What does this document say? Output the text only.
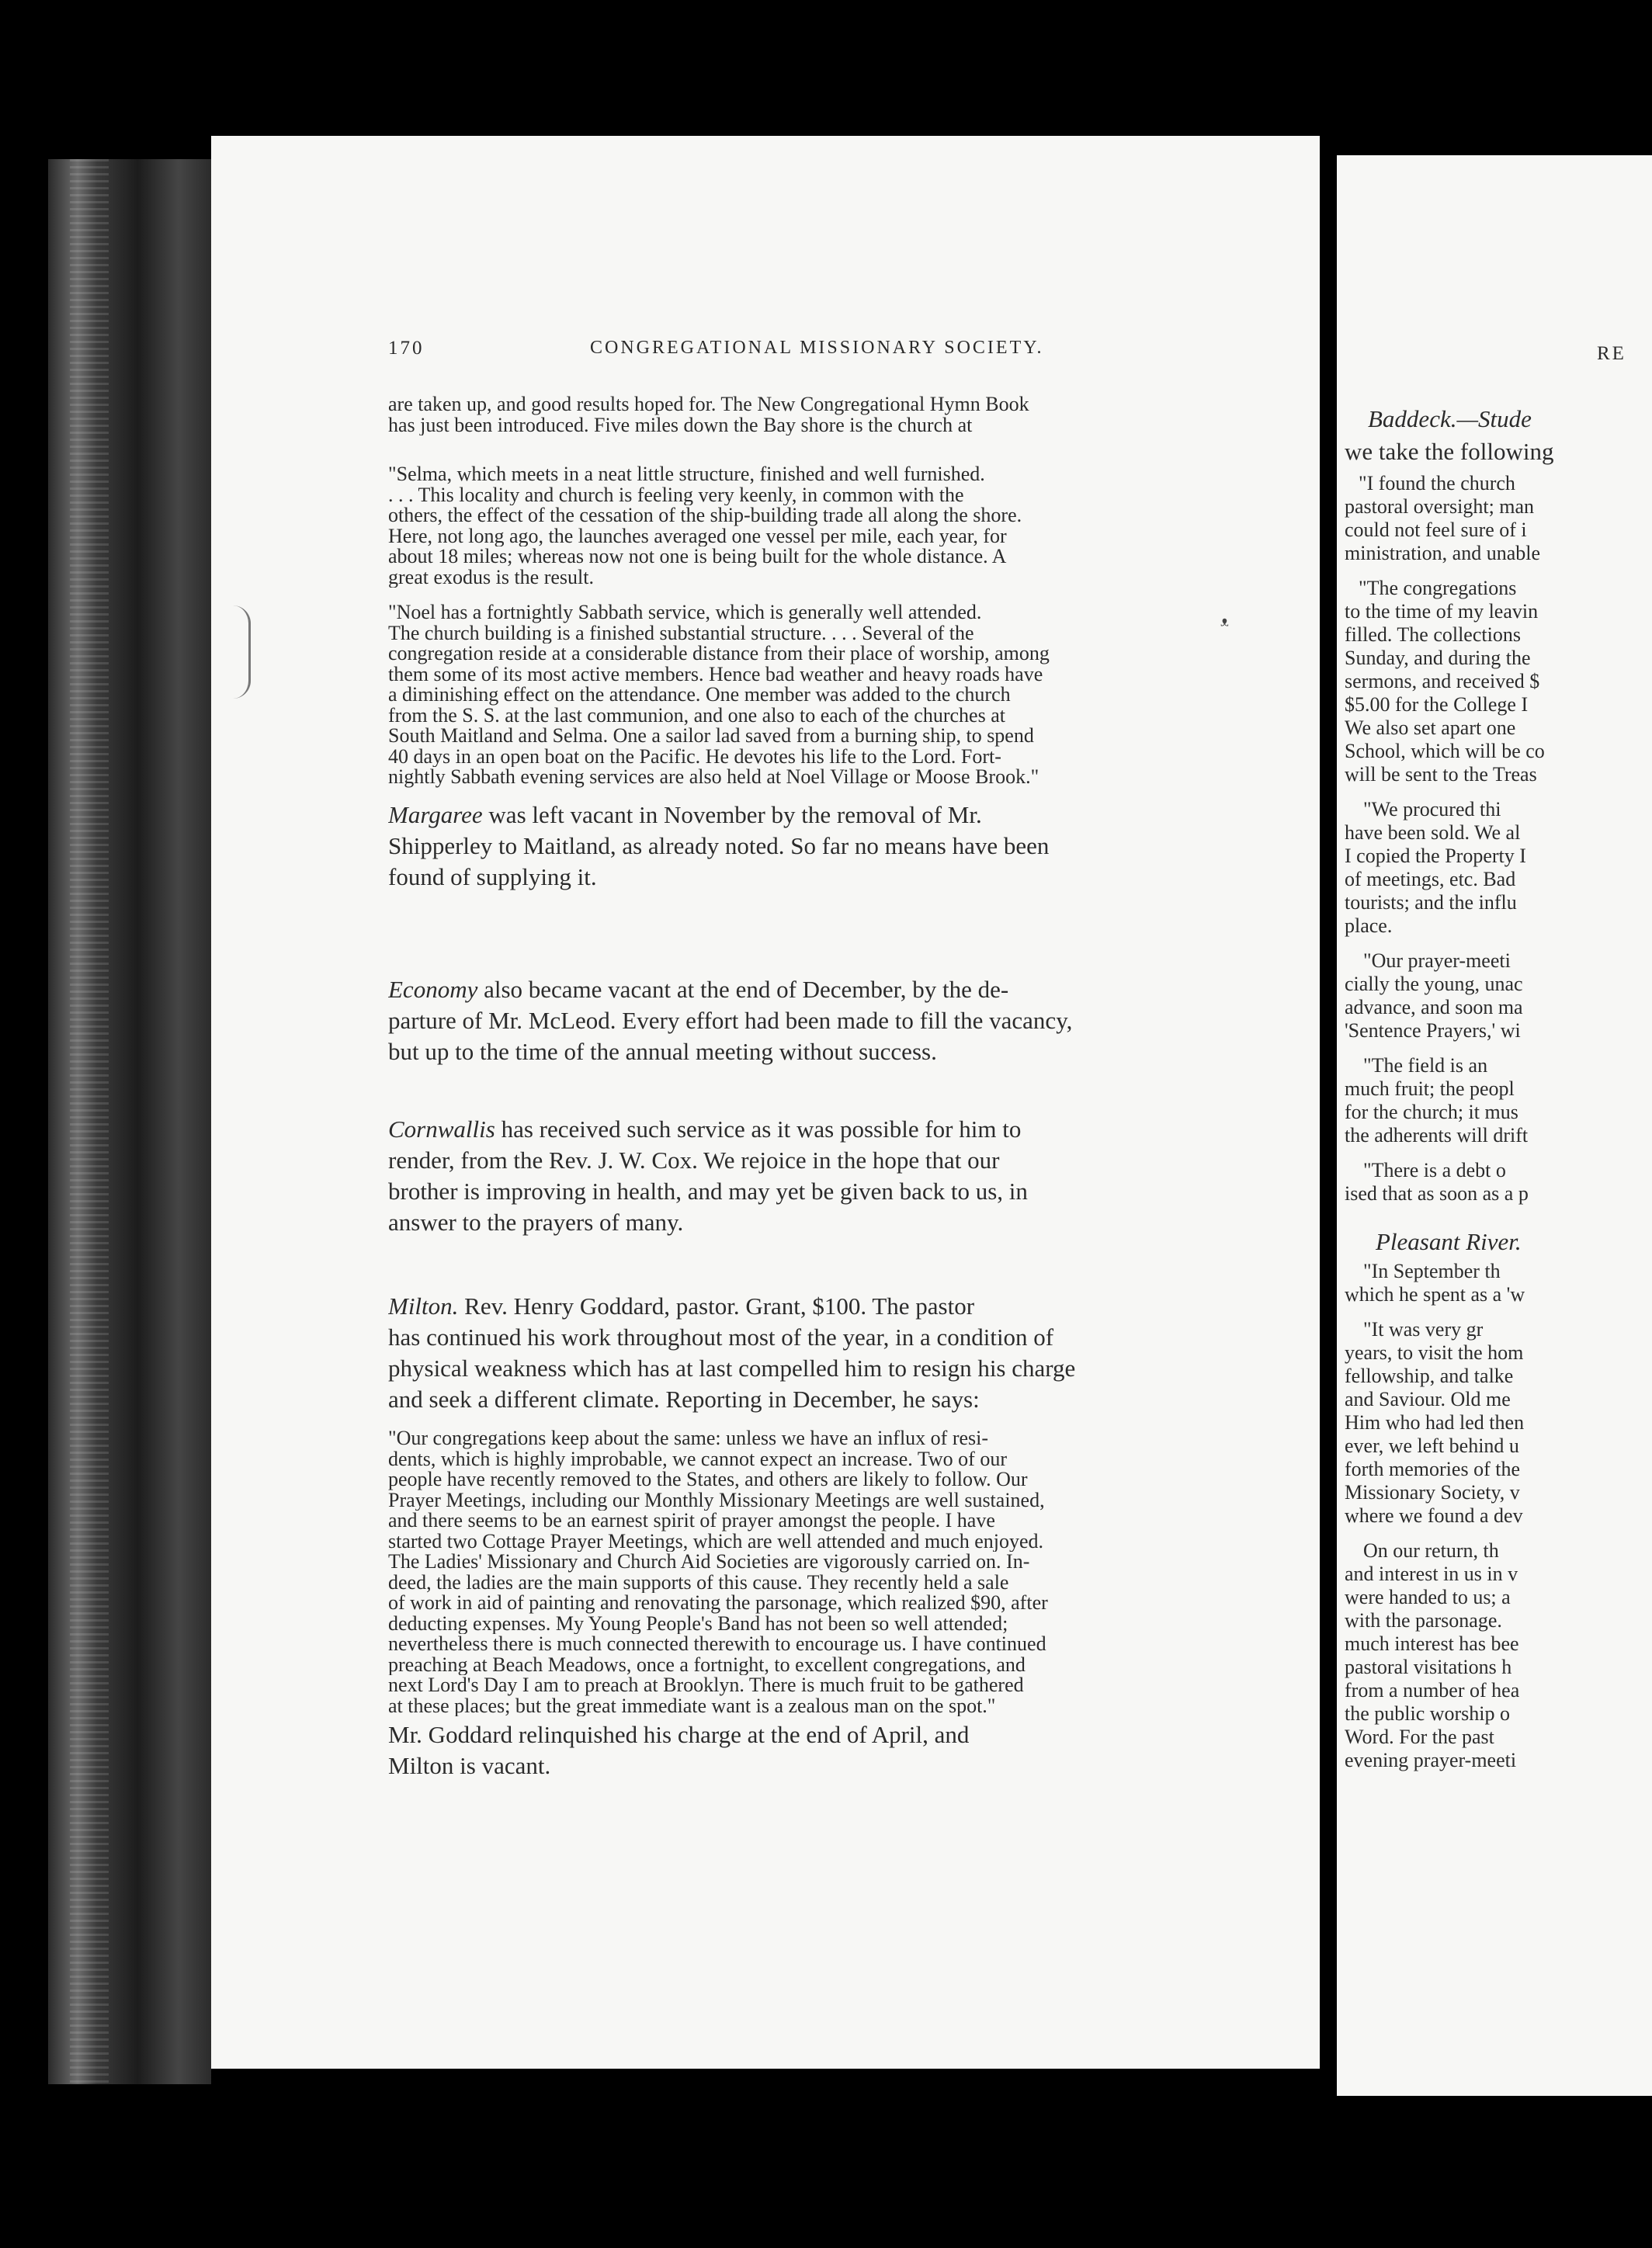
170	CONGREGATIONAL MISSIONARY SOCIETY.
are taken up, and good results hoped for. The New Congregational Hymn Book
has just been introduced. Five miles down the Bay shore is the church at
"Selma, which meets in a neat little structure, finished and well furnished.
. . . This locality and church is feeling very keenly, in common with the
others, the effect of the cessation of the ship-building trade all along the shore.
Here, not long ago, the launches averaged one vessel per mile, each year, for
about 18 miles; whereas now not one is being built for the whole distance. A
great exodus is the result.
"Noel has a fortnightly Sabbath service, which is generally well attended.
The church building is a finished substantial structure. . . . Several of the
congregation reside at a considerable distance from their place of worship, among
them some of its most active members. Hence bad weather and heavy roads have
a diminishing effect on the attendance. One member was added to the church
from the S. S. at the last communion, and one also to each of the churches at
South Maitland and Selma. One a sailor lad saved from a burning ship, to spend
40 days in an open boat on the Pacific. He devotes his life to the Lord. Fort-
nightly Sabbath evening services are also held at Noel Village or Moose Brook."
Margaree was left vacant in November by the removal of Mr.
Shipperley to Maitland, as already noted. So far no means have been
found of supplying it.
Economy also became vacant at the end of December, by the de-
parture of Mr. McLeod. Every effort had been made to fill the vacancy,
but up to the time of the annual meeting without success.
Cornwallis has received such service as it was possible for him to
render, from the Rev. J. W. Cox. We rejoice in the hope that our
brother is improving in health, and may yet be given back to us, in
answer to the prayers of many.
Milton. Rev. Henry Goddard, pastor. Grant, $100. The pastor
has continued his work throughout most of the year, in a condition of
physical weakness which has at last compelled him to resign his charge
and seek a different climate. Reporting in December, he says:
"Our congregations keep about the same: unless we have an influx of resi-
dents, which is highly improbable, we cannot expect an increase. Two of our
people have recently removed to the States, and others are likely to follow. Our
Prayer Meetings, including our Monthly Missionary Meetings are well sustained,
and there seems to be an earnest spirit of prayer amongst the people. I have
started two Cottage Prayer Meetings, which are well attended and much enjoyed.
The Ladies' Missionary and Church Aid Societies are vigorously carried on. In-
deed, the ladies are the main supports of this cause. They recently held a sale
of work in aid of painting and renovating the parsonage, which realized $90, after
deducting expenses. My Young People's Band has not been so well attended;
nevertheless there is much connected therewith to encourage us. I have continued
preaching at Beach Meadows, once a fortnight, to excellent congregations, and
next Lord's Day I am to preach at Brooklyn. There is much fruit to be gathered
at these places; but the great immediate want is a zealous man on the spot."
Mr. Goddard relinquished his charge at the end of April, and
Milton is vacant.
ᵜ
RE
Baddeck.—Stude
we take the following
"I found the church
pastoral oversight; man
could not feel sure of i
ministration, and unable
"The congregations
to the time of my leavin
filled. The collections
Sunday, and during the
sermons, and received $
$5.00 for the College I
We also set apart one
School, which will be co
will be sent to the Treas
"We procured thi
have been sold. We al
I copied the Property I
of meetings, etc. Bad
tourists; and the influ
place.
"Our prayer-meeti
cially the young, unac
advance, and soon ma
'Sentence Prayers,' wi
"The field is an
much fruit; the peopl
for the church; it mus
the adherents will drift
"There is a debt o
ised that as soon as a p
Pleasant River.
"In September th
which he spent as a 'w
"It was very gr
years, to visit the hom
fellowship, and talke
and Saviour. Old me
Him who had led then
ever, we left behind u
forth memories of the
Missionary Society, v
where we found a dev
On our return, th
and interest in us in v
were handed to us; a
with the parsonage.
much interest has bee
pastoral visitations h
from a number of hea
the public worship o
Word. For the past
evening prayer-meeti
